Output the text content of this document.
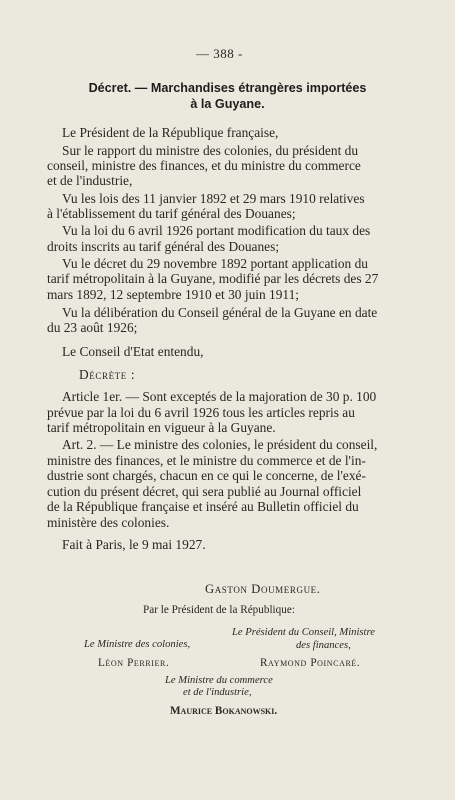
— 388 -
Décret. — Marchandises étrangères importées
à la Guyane.
Le Président de la République française,
Sur le rapport du ministre des colonies, du président du
conseil, ministre des finances, et du ministre du commerce
et de l'industrie,
Vu les lois des 11 janvier 1892 et 29 mars 1910 relatives
à l'établissement du tarif général des Douanes;
Vu la loi du 6 avril 1926 portant modification du taux des
droits inscrits au tarif général des Douanes;
Vu le décret du 29 novembre 1892 portant application du
tarif métropolitain à la Guyane, modifié par les décrets des 27
mars 1892, 12 septembre 1910 et 30 juin 1911;
Vu la délibération du Conseil général de la Guyane en date
du 23 août 1926;
Le Conseil d'Etat entendu,
Décrète :
Article 1er. — Sont exceptés de la majoration de 30 p. 100
prévue par la loi du 6 avril 1926 tous les articles repris au
tarif métropolitain en vigueur à la Guyane.
Art. 2. — Le ministre des colonies, le président du conseil,
ministre des finances, et le ministre du commerce et de l'in-
dustrie sont chargés, chacun en ce qui le concerne, de l'exé-
cution du présent décret, qui sera publié au Journal officiel
de la République française et inséré au Bulletin officiel du
ministère des colonies.
Fait à Paris, le 9 mai 1927.
Gaston Doumergue.
Par le Président de la République:
Le Président du Conseil, Ministre
Le Ministre des colonies,	des finances,
Léon Perrier.	Raymond Poincaré.
Le Ministre du commerce
et de l'industrie,
Maurice Bokanowski.
